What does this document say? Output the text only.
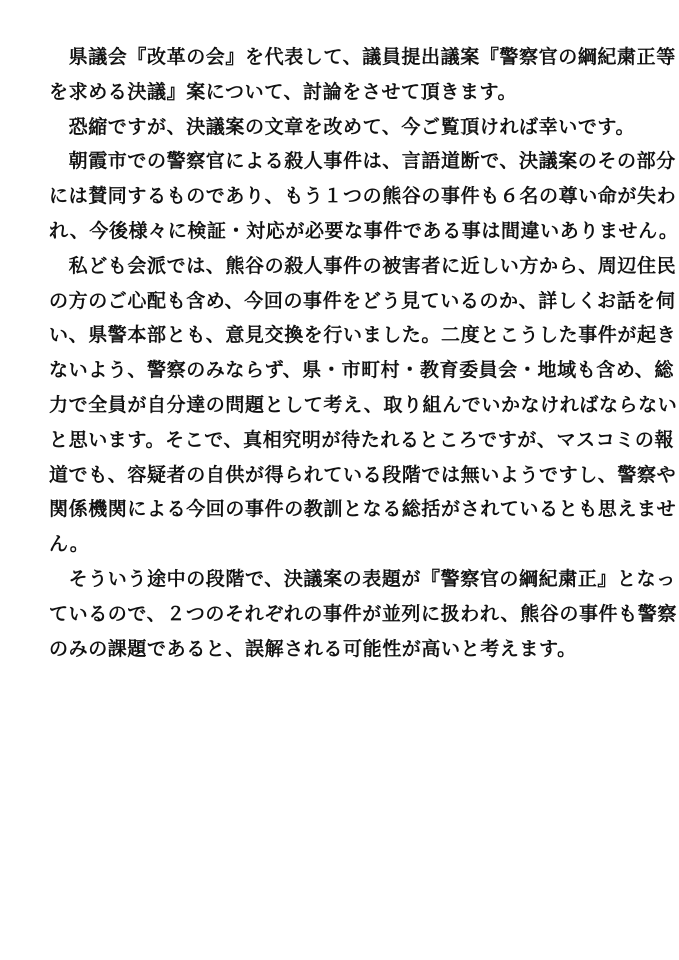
　県議会『改革の会』を代表して、議員提出議案『警察官の綱紀粛正等
を求める決議』案について、討論をさせて頂きます。
　恐縮ですが、決議案の文章を改めて、今ご覧頂ければ幸いです。
　朝霞市での警察官による殺人事件は、言語道断で、決議案のその部分
には賛同するものであり、もう１つの熊谷の事件も６名の尊い命が失わ
れ、今後様々に検証・対応が必要な事件である事は間違いありません。
　私ども会派では、熊谷の殺人事件の被害者に近しい方から、周辺住民
の方のご心配も含め、今回の事件をどう見ているのか、詳しくお話を伺
い、県警本部とも、意見交換を行いました。二度とこうした事件が起き
ないよう、警察のみならず、県・市町村・教育委員会・地域も含め、総
力で全員が自分達の問題として考え、取り組んでいかなければならない
と思います。そこで、真相究明が待たれるところですが、マスコミの報
道でも、容疑者の自供が得られている段階では無いようですし、警察や
関係機関による今回の事件の教訓となる総括がされているとも思えませ
ん。
　そういう途中の段階で、決議案の表題が『警察官の綱紀粛正』となっ
ているので、２つのそれぞれの事件が並列に扱われ、熊谷の事件も警察
のみの課題であると、誤解される可能性が高いと考えます。
